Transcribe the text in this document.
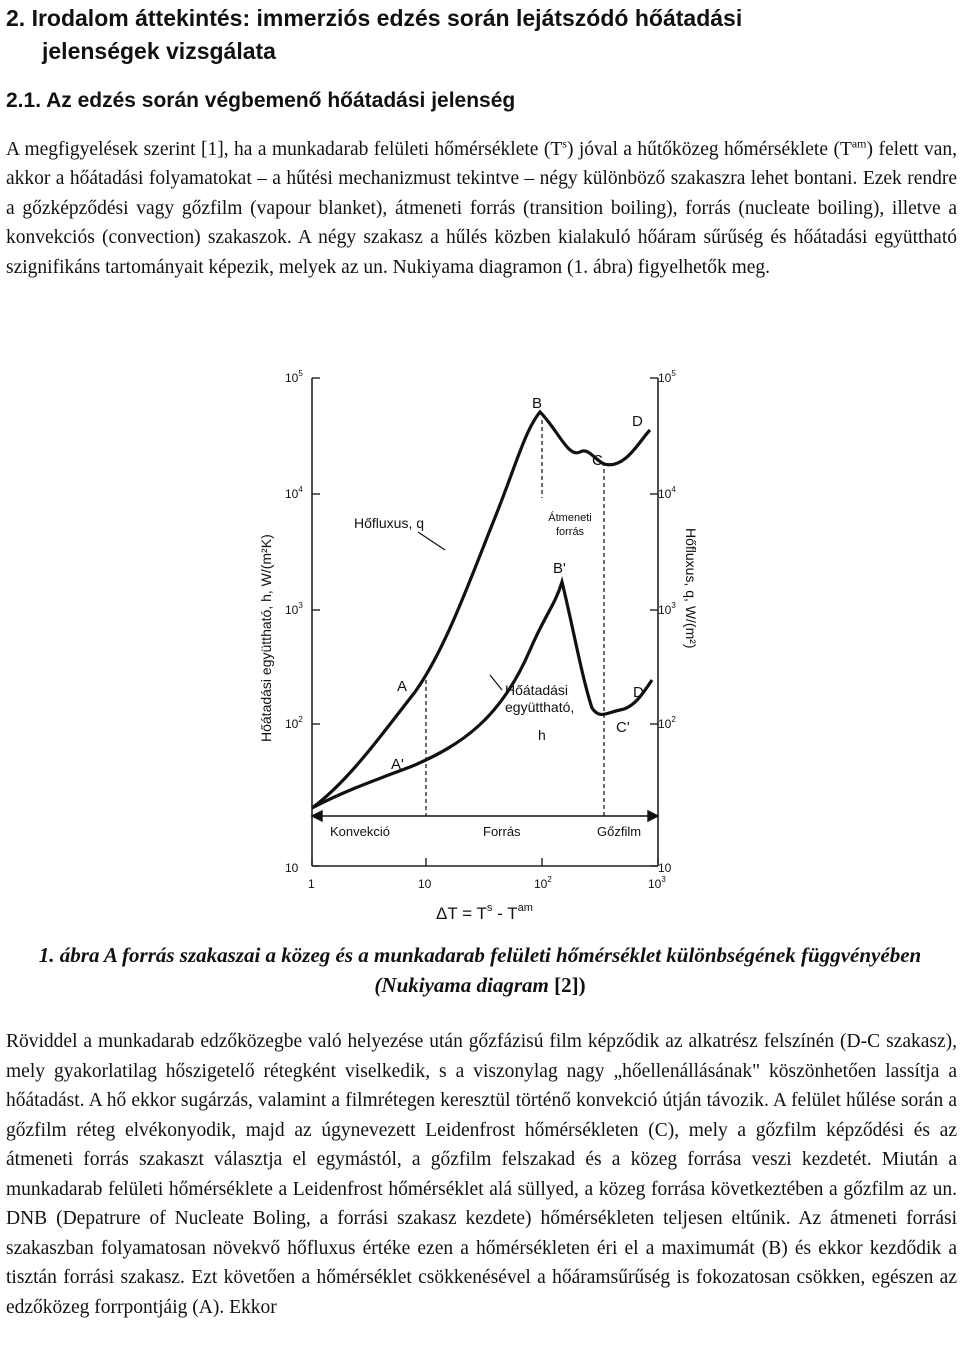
2. Irodalom áttekintés: immerziós edzés során lejátszódó hőátadási
jelenségek vizsgálata
2.1. Az edzés során végbemenő hőátadási jelenség

A megfigyelések szerint [1], ha a munkadarab felületi hőmérséklete $(T^s)$ jóval a hűtőközeg hőmérséklete $(T^{am})$ felett van, akkor a hőátadási folyamatokat – a hűtési mechanizmust tekintve – négy különböző szakaszra lehet bontani. Ezek rendre a gőzképződési vagy gőzfilm (vapour blanket), átmeneti forrás (transition boiling), forrás (nucleate boiling), illetve a konvekciós (convection) szakaszok. A négy szakasz a hűlés közben kialakuló hőáram sűrűség és hőátadási együttható szignifikáns tartományait képezik, melyek az un. Nukiyama diagramon (1. ábra) figyelhetők meg.

$10^5$
$10^4$
$10^3$
$10^2$
10
$10^5$
$10^4$
$10^3$
$10^2$
10
1	10	$10^2$	$10^3$
Hőátadási együttható, h, W/(m²K)	Hőfluxus, q, W/(m²)
$\Delta T = T^s - T^{am}$
Konvekció	Forrás	Gőzfilm
B
D
C
A
B'
D'
C'
A'
Hőfluxus, q
Hőátadási
együttható,
h
Átmeneti
forrás

1. ábra A forrás szakaszai a közeg és a munkadarab felületi hőmérséklet különbségének függvényében (Nukiyama diagram [2])

Röviddel a munkadarab edzőközegbe való helyezése után gőzfázisú film képződik az alkatrész felszínén (D-C szakasz), mely gyakorlatilag hőszigetelő rétegként viselkedik, s a viszonylag nagy „hőellenállásának" köszönhetően lassítja a hőátadást. A hő ekkor sugárzás, valamint a filmrétegen keresztül történő konvekció útján távozik. A felület hűlése során a gőzfilm réteg elvékonyodik, majd az úgynevezett Leidenfrost hőmérsékleten (C), mely a gőzfilm képződési és az átmeneti forrás szakaszt választja el egymástól, a gőzfilm felszakad és a közeg forrása veszi kezdetét. Miután a munkadarab felületi hőmérséklete a Leidenfrost hőmérséklet alá süllyed, a közeg forrása következtében a gőzfilm az un. DNB (Depatrure of Nucleate Boling, a forrási szakasz kezdete) hőmérsékleten teljesen eltűnik. Az átmeneti forrási szakaszban folyamatosan növekvő hőfluxus értéke ezen a hőmérsékleten éri el a maximumát (B) és ekkor kezdődik a tisztán forrási szakasz. Ezt követően a hőmérséklet csökkenésével a hőáramsűrűség is fokozatosan csökken, egészen az edzőközeg forrpontjáig (A). Ekkor
